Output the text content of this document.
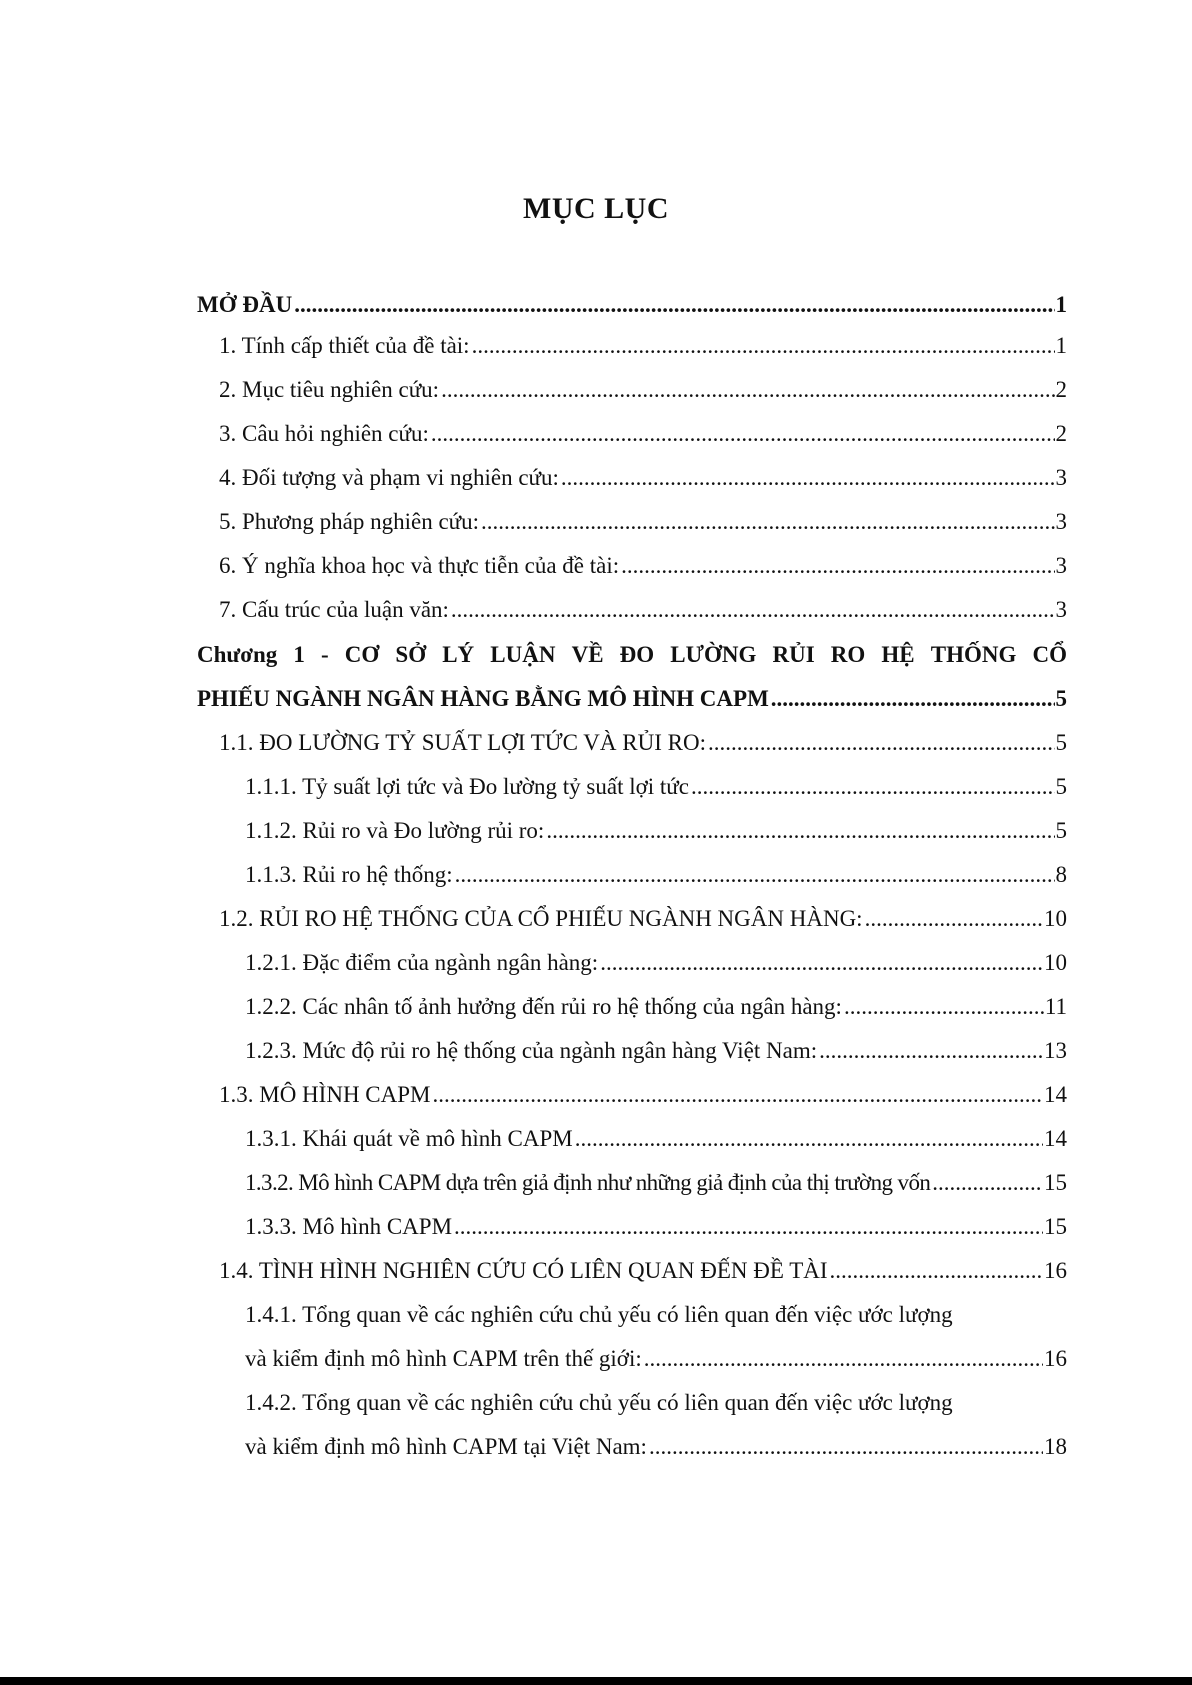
MỤC LỤC
MỞ ĐẦU .....	1
1. Tính cấp thiết của đề tài: .....	1
2. Mục tiêu nghiên cứu: .....	2
3. Câu hỏi nghiên cứu: .....	2
4. Đối tượng và phạm vi nghiên cứu: .....	3
5. Phương pháp nghiên cứu: .....	3
6. Ý nghĩa khoa học và thực tiễn của đề tài: .....	3
7. Cấu trúc của luận văn: .....	3
Chương 1 - CƠ SỞ LÝ LUẬN VỀ ĐO LƯỜNG RỦI RO HỆ THỐNG CỔ
PHIẾU NGÀNH NGÂN HÀNG BẰNG MÔ HÌNH CAPM .....	5
1.1. ĐO LƯỜNG TỶ SUẤT LỢI TỨC VÀ RỦI RO: .....	5
1.1.1. Tỷ suất lợi tức và Đo lường tỷ suất lợi tức .....	5
1.1.2. Rủi ro và Đo lường rủi ro: .....	5
1.1.3. Rủi ro hệ thống: .....	8
1.2. RỦI RO HỆ THỐNG CỦA CỔ PHIẾU NGÀNH NGÂN HÀNG: .....	10
1.2.1. Đặc điểm của ngành ngân hàng: .....	10
1.2.2. Các nhân tố ảnh hưởng đến rủi ro hệ thống của ngân hàng: .....	11
1.2.3. Mức độ rủi ro hệ thống của ngành ngân hàng Việt Nam: .....	13
1.3. MÔ HÌNH CAPM .....	14
1.3.1. Khái quát về mô hình CAPM .....	14
1.3.2. Mô hình CAPM dựa trên giả định như những giả định của thị trường vốn .....	15
1.3.3. Mô hình CAPM .....	15
1.4. TÌNH HÌNH NGHIÊN CỨU CÓ LIÊN QUAN ĐẾN ĐỀ TÀI .....	16
1.4.1. Tổng quan về các nghiên cứu chủ yếu có liên quan đến việc ước lượng
và kiểm định mô hình CAPM trên thế giới: .....	16
1.4.2. Tổng quan về các nghiên cứu chủ yếu có liên quan đến việc ước lượng
và kiểm định mô hình CAPM tại Việt Nam: .....	18
